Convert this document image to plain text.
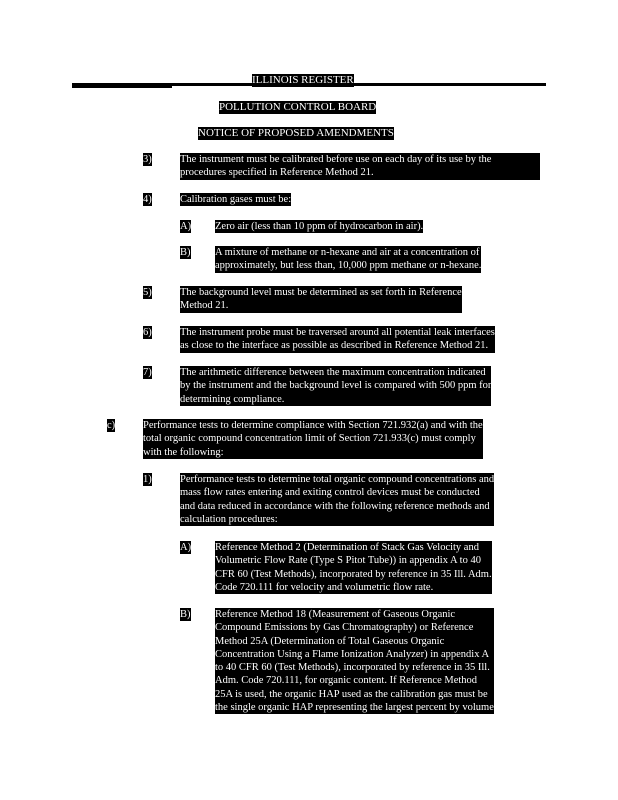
ILLINOIS REGISTER
POLLUTION CONTROL BOARD
NOTICE OF PROPOSED AMENDMENTS
3)	The instrument must be calibrated before use on each day of its use by the
procedures specified in Reference Method 21.
4)	Calibration gases must be:
A) Zero air (less than 10 ppm of hydrocarbon in air).
B) A mixture of methane or n-hexane and air at a concentration of
approximately, but less than, 10,000 ppm methane or n-hexane.
5)	The background level must be determined as set forth in Reference
Method 21.
6)	The instrument probe must be traversed around all potential leak interfaces
as close to the interface as possible as described in Reference Method 21.
7)	The arithmetic difference between the maximum concentration indicated
by the instrument and the background level is compared with 500 ppm for
determining compliance.
c)	Performance tests to determine compliance with Section 721.932(a) and with the
total organic compound concentration limit of Section 721.933(c) must comply
with the following:
1)	Performance tests to determine total organic compound concentrations and
mass flow rates entering and exiting control devices must be conducted
and data reduced in accordance with the following reference methods and
calculation procedures:
A) Reference Method 2 (Determination of Stack Gas Velocity and
Volumetric Flow Rate (Type S Pitot Tube)) in appendix A to 40
CFR 60 (Test Methods), incorporated by reference in 35 Ill. Adm.
Code 720.111 for velocity and volumetric flow rate.
B) Reference Method 18 (Measurement of Gaseous Organic
Compound Emissions by Gas Chromatography) or Reference
Method 25A (Determination of Total Gaseous Organic
Concentration Using a Flame Ionization Analyzer) in appendix A
to 40 CFR 60 (Test Methods), incorporated by reference in 35 Ill.
Adm. Code 720.111, for organic content. If Reference Method
25A is used, the organic HAP used as the calibration gas must be
the single organic HAP representing the largest percent by volume
